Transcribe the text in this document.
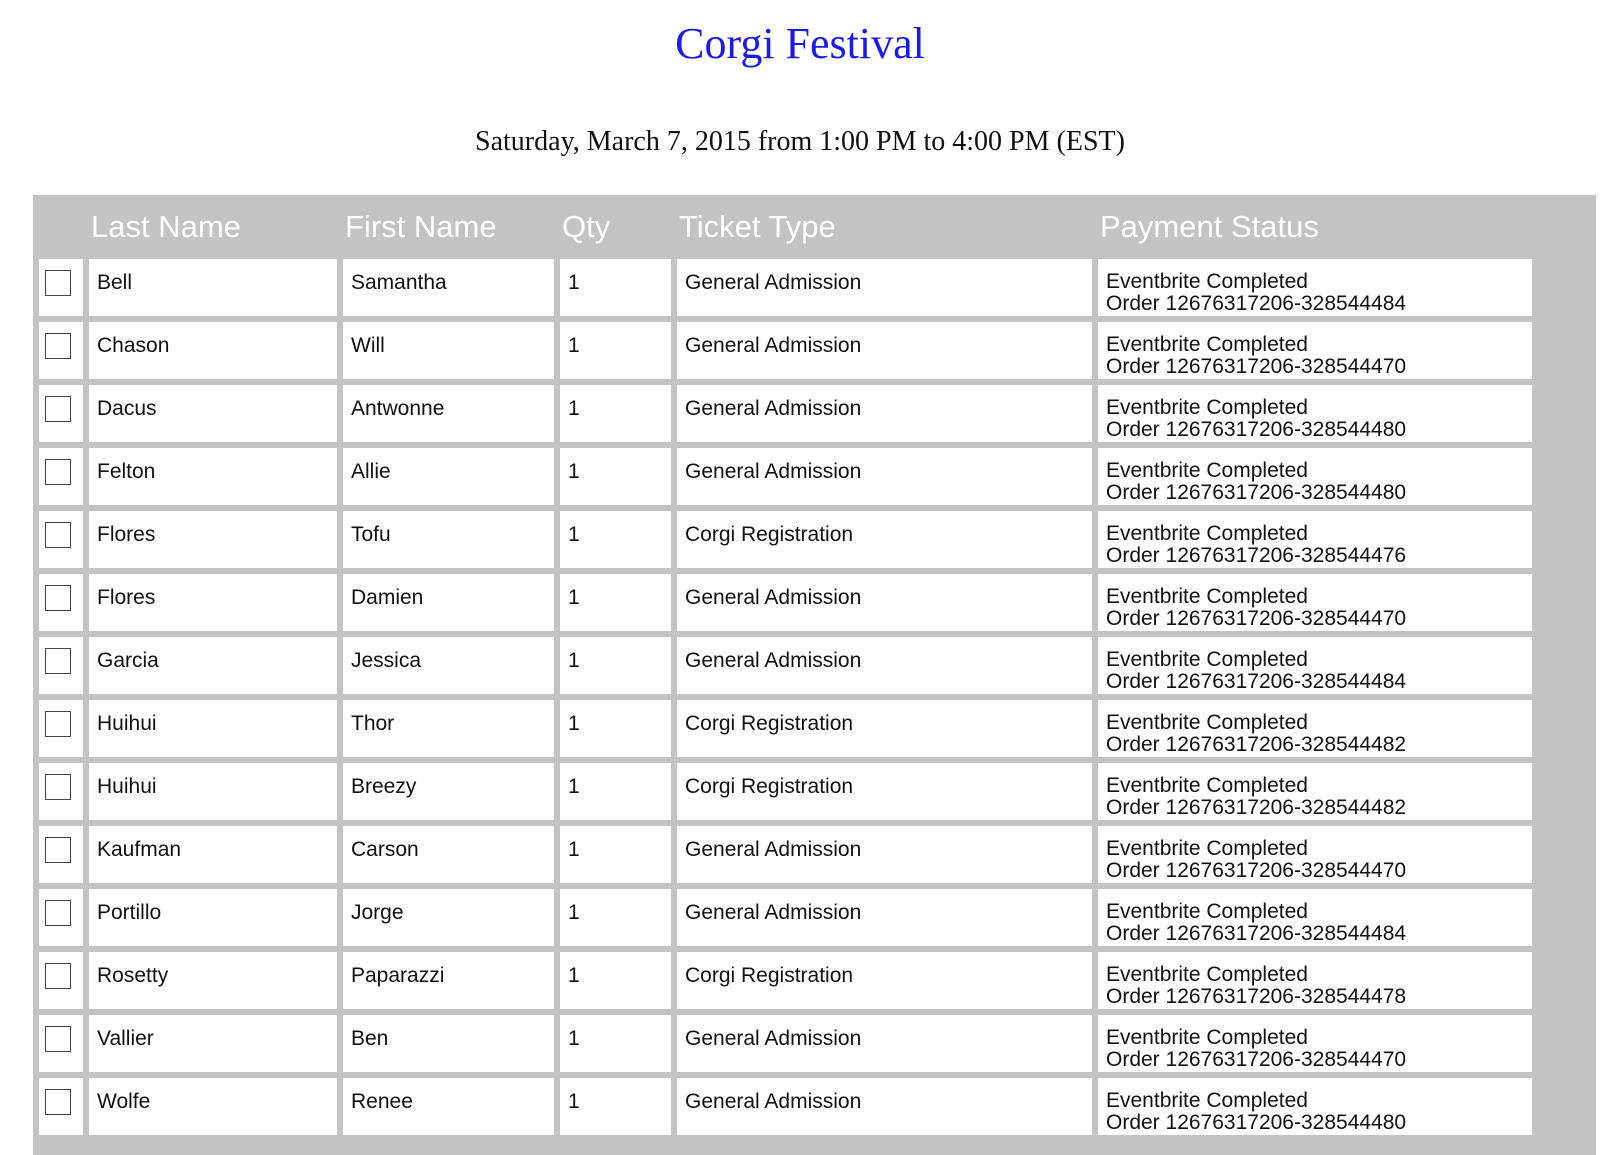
Corgi Festival

Saturday, March 7, 2015 from 1:00 PM to 4:00 PM (EST)

	Last Name	First Name	Qty	Ticket Type	Payment Status

	Bell	Samantha	1	General Admission	Eventbrite Completed
Order 12676317206-328544484

	Chason	Will	1	General Admission	Eventbrite Completed
Order 12676317206-328544470

	Dacus	Antwonne	1	General Admission	Eventbrite Completed
Order 12676317206-328544480

	Felton	Allie	1	General Admission	Eventbrite Completed
Order 12676317206-328544480

	Flores	Tofu	1	Corgi Registration	Eventbrite Completed
Order 12676317206-328544476

	Flores	Damien	1	General Admission	Eventbrite Completed
Order 12676317206-328544470

	Garcia	Jessica	1	General Admission	Eventbrite Completed
Order 12676317206-328544484

	Huihui	Thor	1	Corgi Registration	Eventbrite Completed
Order 12676317206-328544482

	Huihui	Breezy	1	Corgi Registration	Eventbrite Completed
Order 12676317206-328544482

	Kaufman	Carson	1	General Admission	Eventbrite Completed
Order 12676317206-328544470

	Portillo	Jorge	1	General Admission	Eventbrite Completed
Order 12676317206-328544484

	Rosetty	Paparazzi	1	Corgi Registration	Eventbrite Completed
Order 12676317206-328544478

	Vallier	Ben	1	General Admission	Eventbrite Completed
Order 12676317206-328544470

	Wolfe	Renee	1	General Admission	Eventbrite Completed
Order 12676317206-328544480
